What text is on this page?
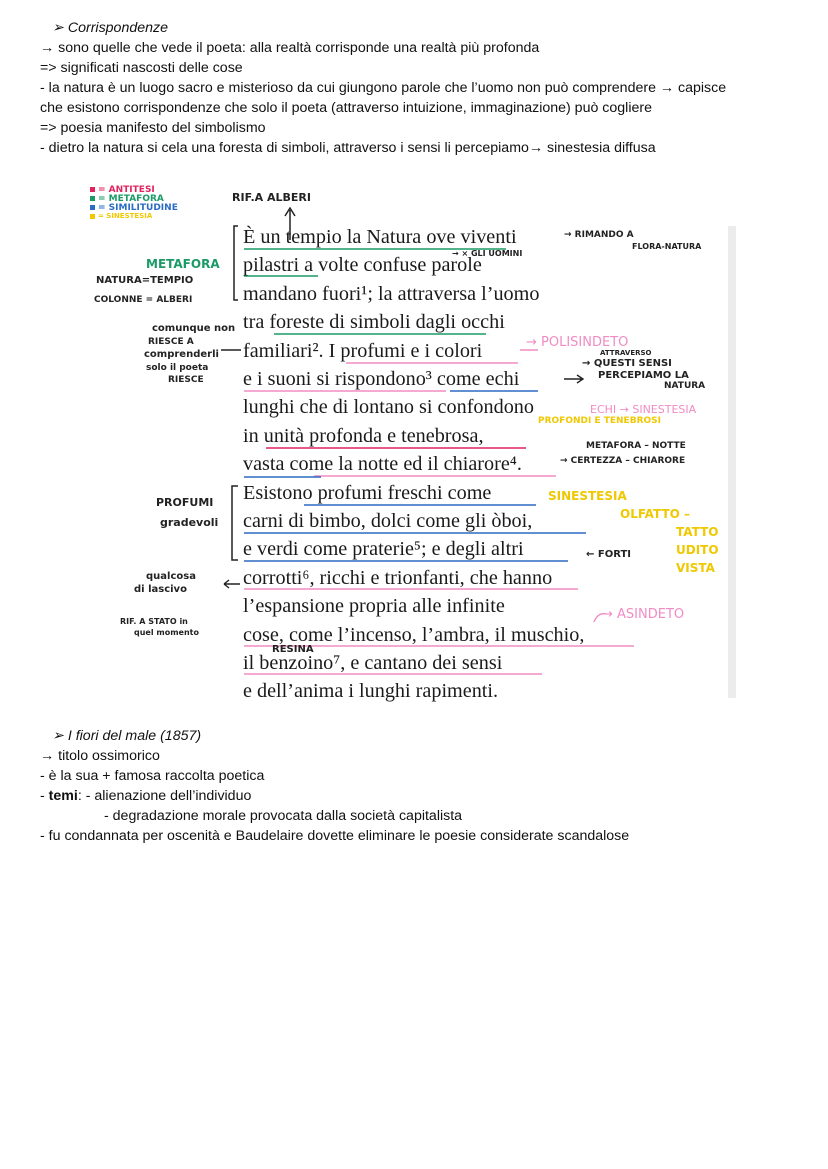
➢ Corrispondenze

→ sono quelle che vede il poeta: alla realtà corrisponde una realtà più profonda

=> significati nascosti delle cose

- la natura è un luogo sacro e misterioso da cui giungono parole che l’uomo non può comprendere → capisce

che esistono corrispondenze che solo il poeta (attraverso intuizione, immaginazione) può cogliere

=> poesia manifesto del simbolismo

- dietro la natura si cela una foresta di simboli, attraverso i sensi li percepiamo→ sinestesia diffusa

= ANTITESI
= METAFORA
= SIMILITUDINE
= SINESTESIA
RIF.A ALBERI
→ RIMANDO A
FLORA-NATURA
→ × GLI UOMINI
METAFORA
NATURA=TEMPIO
COLONNE = ALBERI
comunque non
RIESCE A
comprenderli
solo il poeta
RIESCE
→ POLISINDETO
ATTRAVERSO
→ QUESTI SENSI
PERCEPIAMO LA
NATURA
ECHI → SINESTESIA
PROFONDI E TENEBROSI
METAFORA – NOTTE
→ CERTEZZA – CHIARORE
PROFUMI
gradevoli
SINESTESIA
OLFATTO –
TATTO
UDITO
VISTA
← FORTI
qualcosa
di lascivo
RIF. A STATO in
quel momento
→ ASINDETO
RESINA
È un tempio la Natura ove viventi
pilastri a volte confuse parole
mandano fuori¹; la attraversa l’uomo
tra foreste di simboli dagli occhi
familiari². I profumi e i colori
e i suoni si rispondono³ come echi
lunghi che di lontano si confondono
in unità profonda e tenebrosa,
vasta come la notte ed il chiarore⁴.
Esistono profumi freschi come
carni di bimbo, dolci come gli òboi,
e verdi come praterie⁵; e degli altri
corrotti⁶, ricchi e trionfanti, che hanno
l’espansione propria alle infinite
cose, come l’incenso, l’ambra, il muschio,
il benzoino⁷, e cantano dei sensi
e dell’anima i lunghi rapimenti.

➢ I fiori del male (1857)

→ titolo ossimorico

- è la sua + famosa raccolta poetica

- temi: - alienazione dell’individuo

- degradazione morale provocata dalla società capitalista

- fu condannata per oscenità e Baudelaire dovette eliminare le poesie considerate scandalose
